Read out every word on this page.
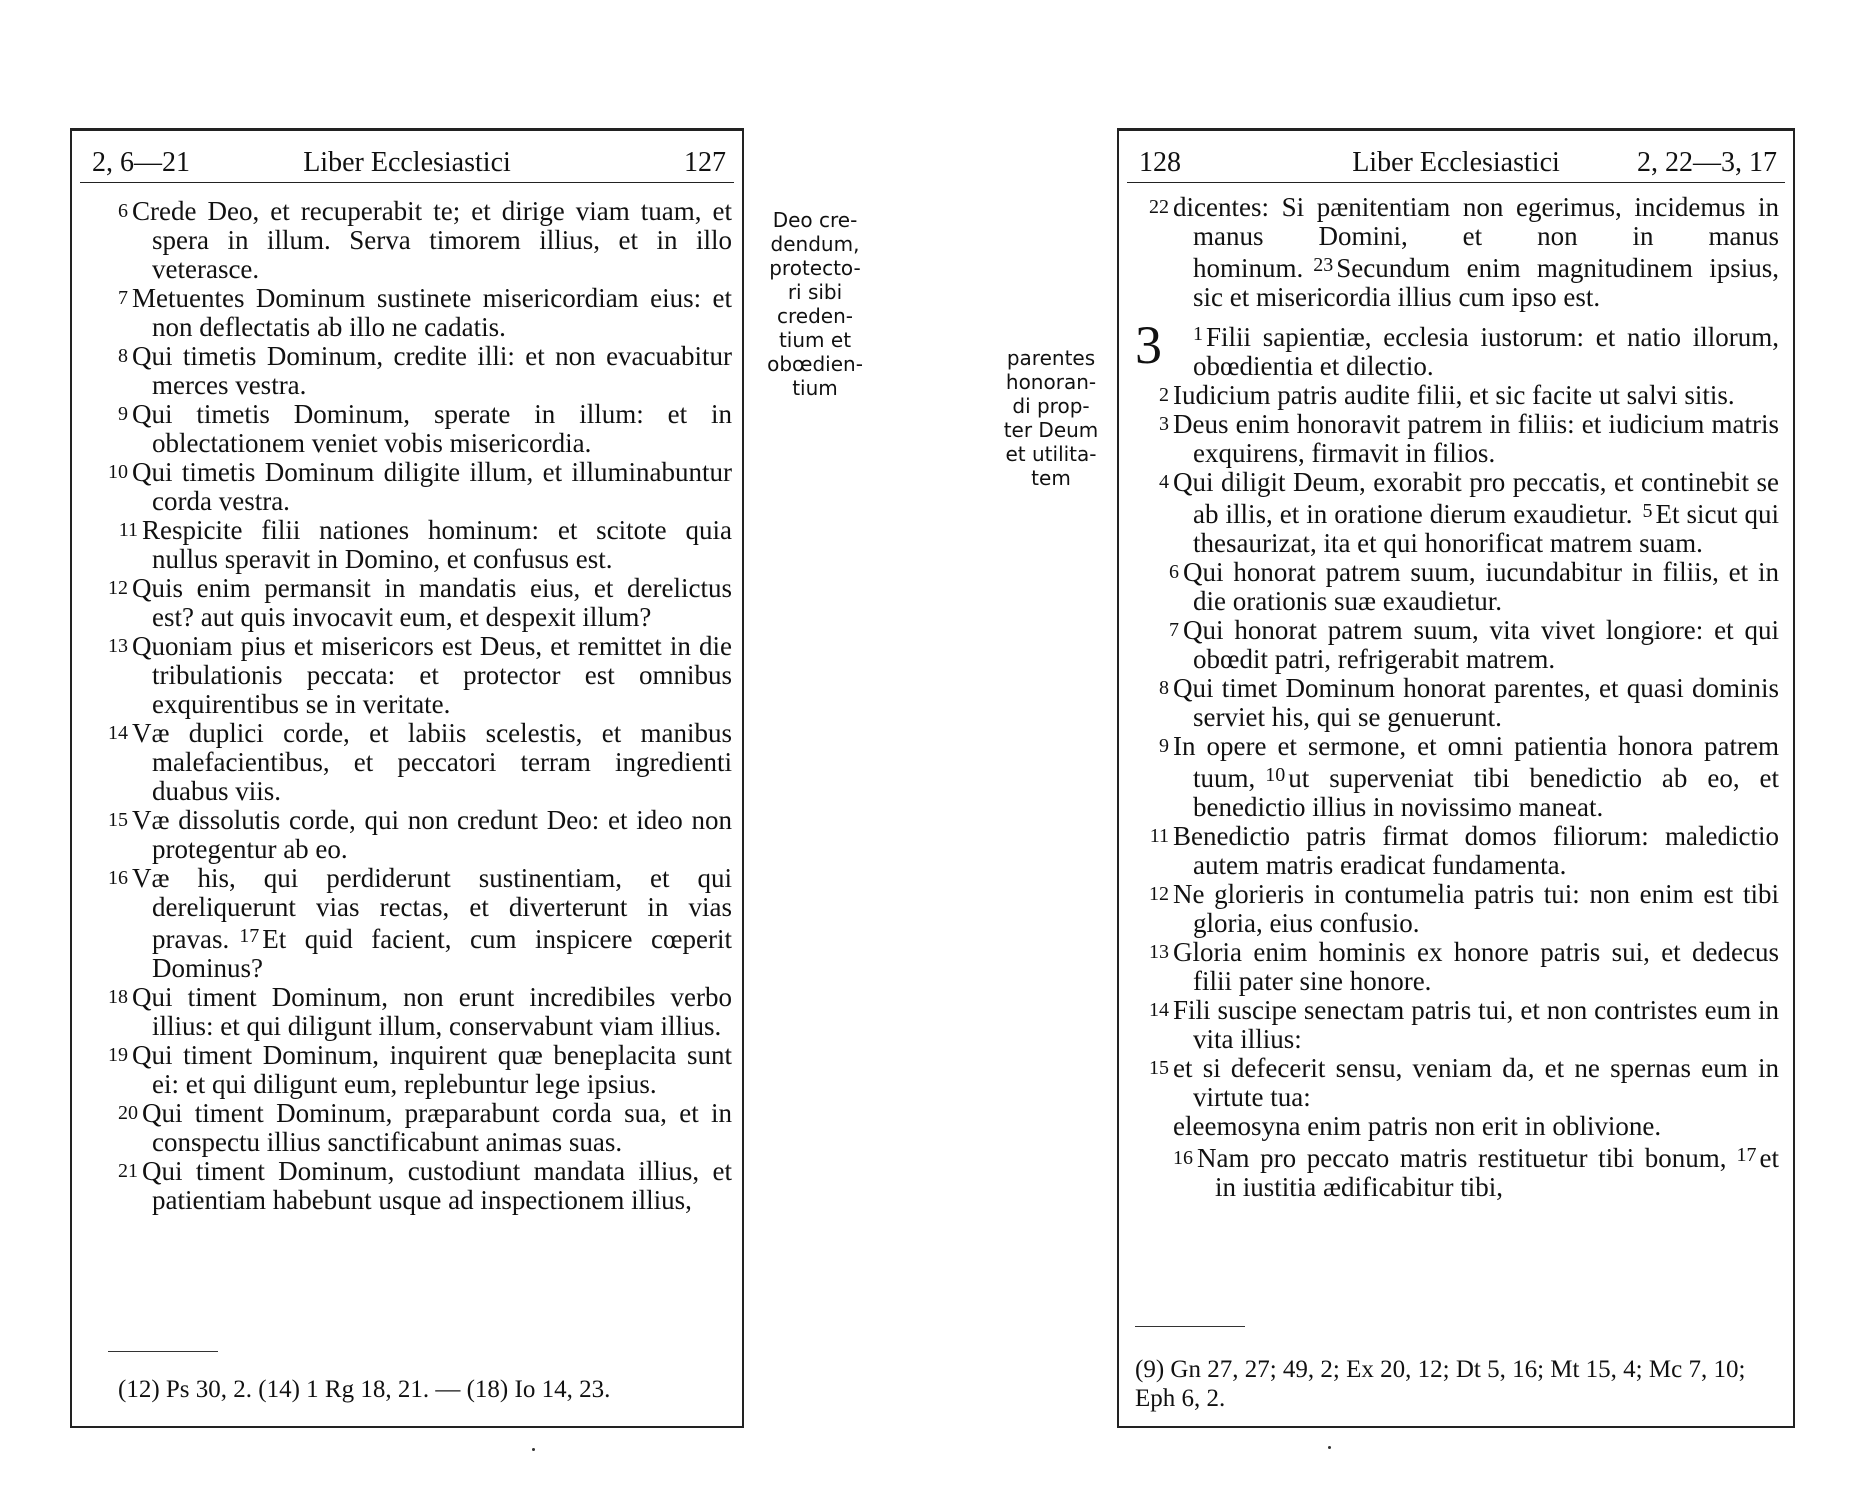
2, 6—21	Liber Ecclesiastici	127

6 Crede Deo, et recuperabit te; et dirige viam tuam, et spera in illum. Serva timorem illius, et in illo veterasce.

7 Metuentes Dominum sustinete misericordiam eius: et non deflectatis ab illo ne cadatis.

8 Qui timetis Dominum, credite illi: et non evacuabitur merces vestra.

9 Qui timetis Dominum, sperate in illum: et in oblectationem veniet vobis misericordia.

10 Qui timetis Dominum diligite illum, et illuminabuntur corda vestra.

11 Respicite filii nationes hominum: et scitote quia nullus speravit in Domino, et confusus est.

12 Quis enim permansit in mandatis eius, et derelictus est? aut quis invocavit eum, et despexit illum?

13 Quoniam pius et misericors est Deus, et remittet in die tribulationis peccata: et protector est omnibus exquirentibus se in veritate.

14 Væ duplici corde, et labiis scelestis, et manibus malefacientibus, et peccatori terram ingredienti duabus viis.

15 Væ dissolutis corde, qui non credunt Deo: et ideo non protegentur ab eo.

16 Væ his, qui perdiderunt sustinentiam, et qui dereliquerunt vias rectas, et diverterunt in vias pravas. $^{17}$ Et quid facient, cum inspicere cœperit Dominus?

18 Qui timent Dominum, non erunt incredibiles verbo illius: et qui diligunt illum, conservabunt viam illius.

19 Qui timent Dominum, inquirent quæ beneplacita sunt ei: et qui diligunt eum, replebuntur lege ipsius.

20 Qui timent Dominum, præparabunt corda sua, et in conspectu illius sanctificabunt animas suas.

21 Qui timent Dominum, custodiunt mandata illius, et patientiam habebunt usque ad inspectionem illius,

(12) Ps 30, 2. (14) 1 Rg 18, 21. — (18) Io 14, 23.
Deo cre-
dendum,
protecto-
ri sibi
creden-
tium et
obœdien-
tium
parentes
honoran-
di prop-
ter Deum
et utilita-
tem
128	Liber Ecclesiastici	2, 22—3, 17

22 dicentes: Si pænitentiam non egerimus, incidemus in manus Domini, et non in manus hominum. $^{23}$ Secundum enim magnitudinem ipsius, sic et misericordia illius cum ipso est.

3	$^1$ Filii sapientiæ, ecclesia iustorum: et natio illorum, obœdientia et dilectio.

2 Iudicium patris audite filii, et sic facite ut salvi sitis.

3 Deus enim honoravit patrem in filiis: et iudicium matris exquirens, firmavit in filios.

4 Qui diligit Deum, exorabit pro peccatis, et continebit se ab illis, et in oratione dierum exaudietur. $^5$ Et sicut qui thesaurizat, ita et qui honorificat matrem suam.

6 Qui honorat patrem suum, iucundabitur in filiis, et in die orationis suæ exaudietur.

7 Qui honorat patrem suum, vita vivet longiore: et qui obœdit patri, refrigerabit matrem.

8 Qui timet Dominum honorat parentes, et quasi dominis serviet his, qui se genuerunt.

9 In opere et sermone, et omni patientia honora patrem tuum, $^{10}$ ut superveniat tibi benedictio ab eo, et benedictio illius in novissimo maneat.

11 Benedictio patris firmat domos filiorum: maledictio autem matris eradicat fundamenta.

12 Ne glorieris in contumelia patris tui: non enim est tibi gloria, eius confusio.

13 Gloria enim hominis ex honore patris sui, et dedecus filii pater sine honore.

14 Fili suscipe senectam patris tui, et non contristes eum in vita illius:

15 et si defecerit sensu, veniam da, et ne spernas eum in virtute tua:

eleemosyna enim patris non erit in oblivione.

16 Nam pro peccato matris restituetur tibi bonum, $^{17}$ et in iustitia ædificabitur tibi,

(9) Gn 27, 27; 49, 2; Ex 20, 12; Dt 5, 16; Mt 15, 4; Mc 7, 10; Eph 6, 2.
